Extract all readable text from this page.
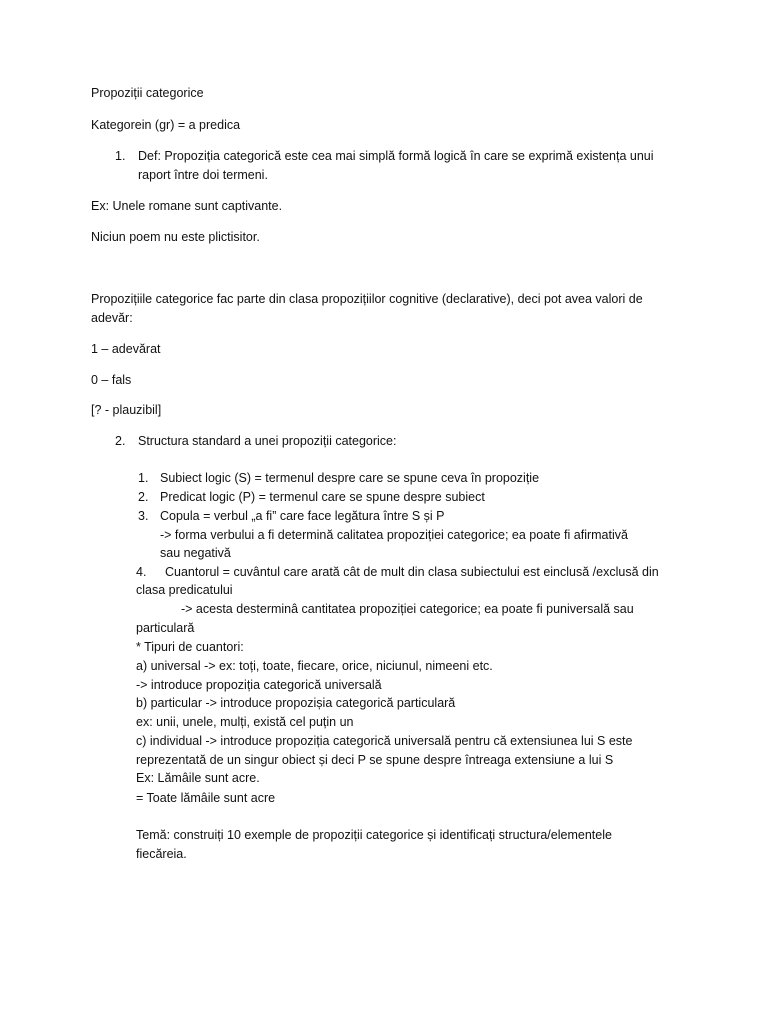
Propoziții categorice
Kategorein (gr) = a predica
1. Def: Propoziția categorică este cea mai simplă formă logică în care se exprimă existența unui
raport între doi termeni.
Ex: Unele romane sunt captivante.
Niciun poem nu este plictisitor.
Propozițiile categorice fac parte din clasa propozițiilor cognitive (declarative), deci pot avea valori de
adevăr:
1 – adevărat
0 – fals
[? - plauzibil]
2. Structura standard a unei propoziții categorice:
1. Subiect logic (S) = termenul despre care se spune ceva în propoziție
2. Predicat logic (P) = termenul care se spune despre subiect
3. Copula = verbul „a fi” care face legătura între S și P
-> forma verbului a fi determină calitatea propoziției categorice; ea poate fi afirmativă
sau negativă
4. Cuantorul = cuvântul care arată cât de mult din clasa subiectului est einclusă /exclusă din
clasa predicatului
-> acesta desterminâ cantitatea propoziției categorice; ea poate fi puniversală sau
particulară
* Tipuri de cuantori:
a) universal -> ex: toți, toate, fiecare, orice, niciunul, nimeeni etc.
-> introduce propoziția categorică universală
b) particular -> introduce propozișia categorică particulară
ex: unii, unele, mulți, există cel puțin un
c) individual -> introduce propoziția categorică universală pentru că extensiunea lui S este
reprezentată de un singur obiect și deci P se spune despre întreaga extensiune a lui S
Ex: Lămâile sunt acre.
= Toate lămâile sunt acre
Temă: construiți 10 exemple de propoziții categorice și identificați structura/elementele
fiecăreia.
